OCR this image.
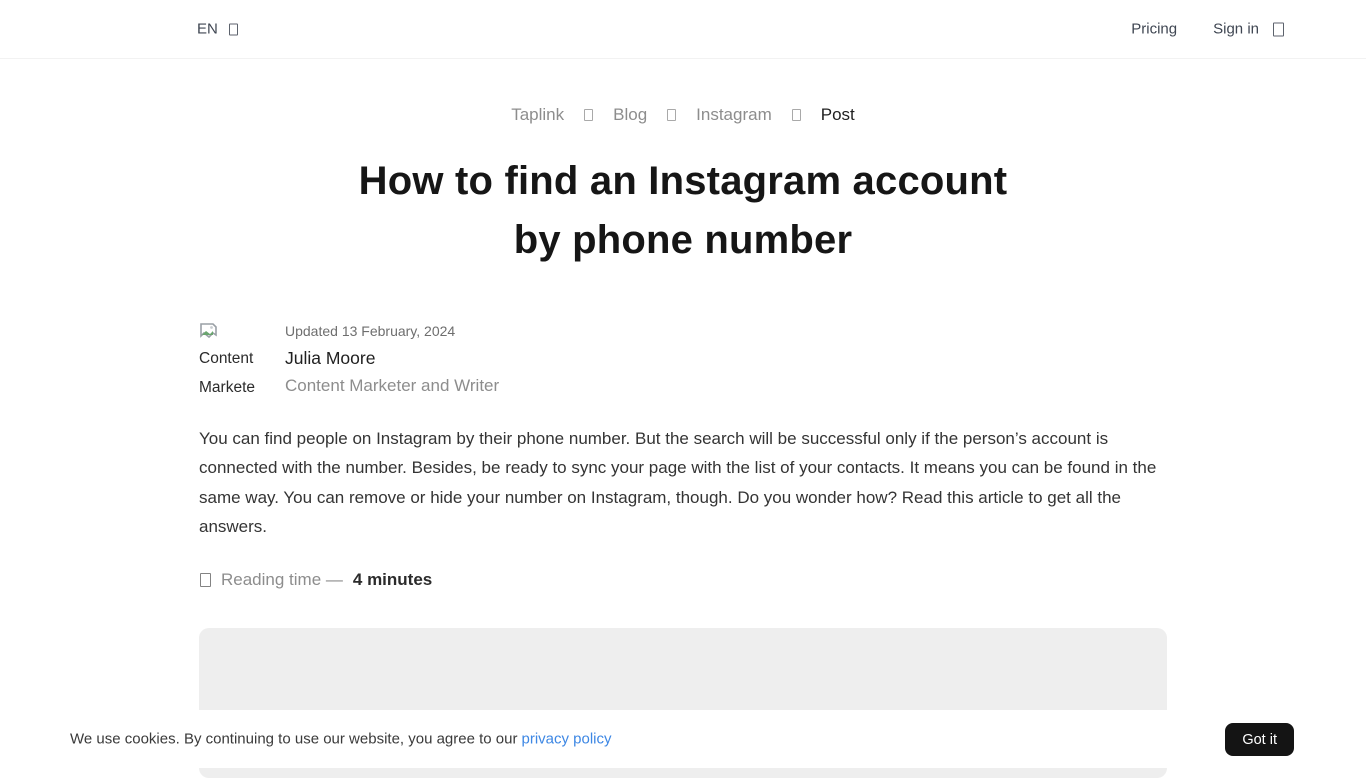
EN	Pricing Sign in
Taplink	Blog	Instagram	Post
How to find an Instagram account
by phone number
Content Markete
Updated 13 February, 2024
Julia Moore
Content Marketer and Writer

You can find people on Instagram by their phone number. But the search will be successful only if the person’s account is connected with the number. Besides, be ready to sync your page with the list of your contacts. It means you can be found in the same way. You can remove or hide your number on Instagram, though. Do you wonder how? Read this article to get all the answers.

Reading time — 4 minutes
We use cookies. By continuing to use our website, you agree to our privacy policy	Got it
